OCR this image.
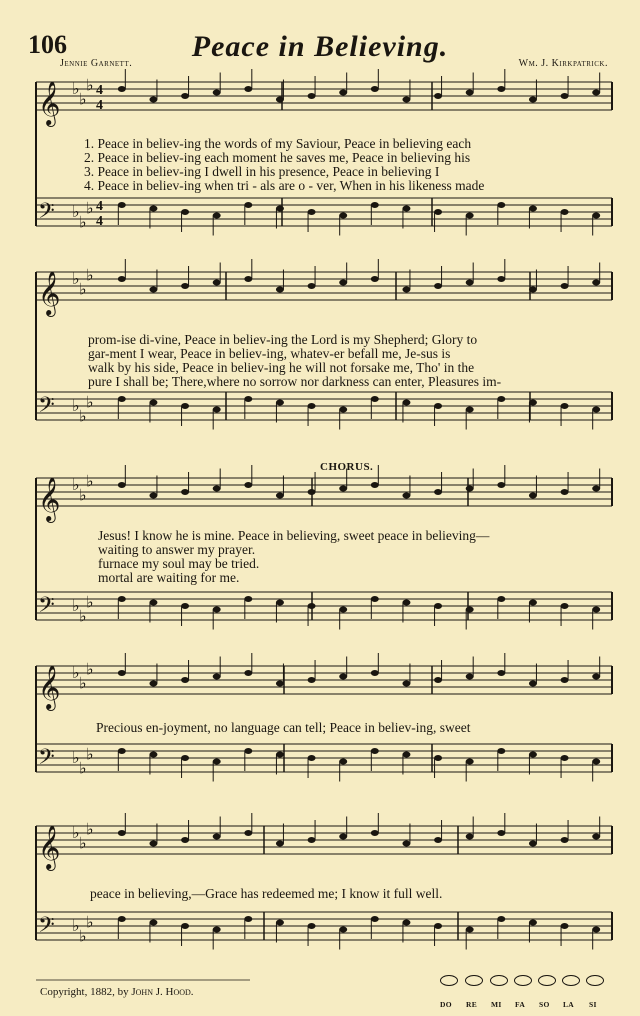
106	Peace in Believing.
Jennie Garnett.	Wm. J. Kirkpatrick.
𝄞 ♭
♭
♭
𝄢 ♭
♭
♭
𝄞 ♭
♭
♭
𝄢 ♭
♭
♭
𝄞 ♭
♭
♭
𝄢 ♭
♭
♭
𝄞 ♭
♭
♭
𝄢 ♭
♭
♭
𝄞 ♭
♭
♭
𝄢 ♭
♭
♭
4
4
4
4
1. Peace in believ-ing the words of my Saviour, Peace in believing each
2. Peace in believ-ing each moment he saves me, Peace in believing his
3. Peace in believ-ing I dwell in his presence, Peace in believing I
4. Peace in believ-ing when tri - als are o - ver, When in his likeness made
prom-ise di-vine, Peace in believ-ing the Lord is my Shepherd; Glory to
gar-ment I wear, Peace in believ-ing, whatev-er befall me, Je-sus is
walk by his side, Peace in believ-ing he will not forsake me, Tho' in the
pure I shall be; There,where no sorrow nor darkness can enter, Pleasures im-
CHORUS.
Jesus! I know he is mine. Peace in believing, sweet peace in believing—
waiting to answer my prayer.
furnace my soul may be tried.
mortal are waiting for me.
Precious en-joyment, no language can tell; Peace in believ-ing, sweet
peace in believing,—Grace has redeemed me; I know it full well.
Copyright, 1882, by John J. Hood.
DO RE MI FA SO LA SI
